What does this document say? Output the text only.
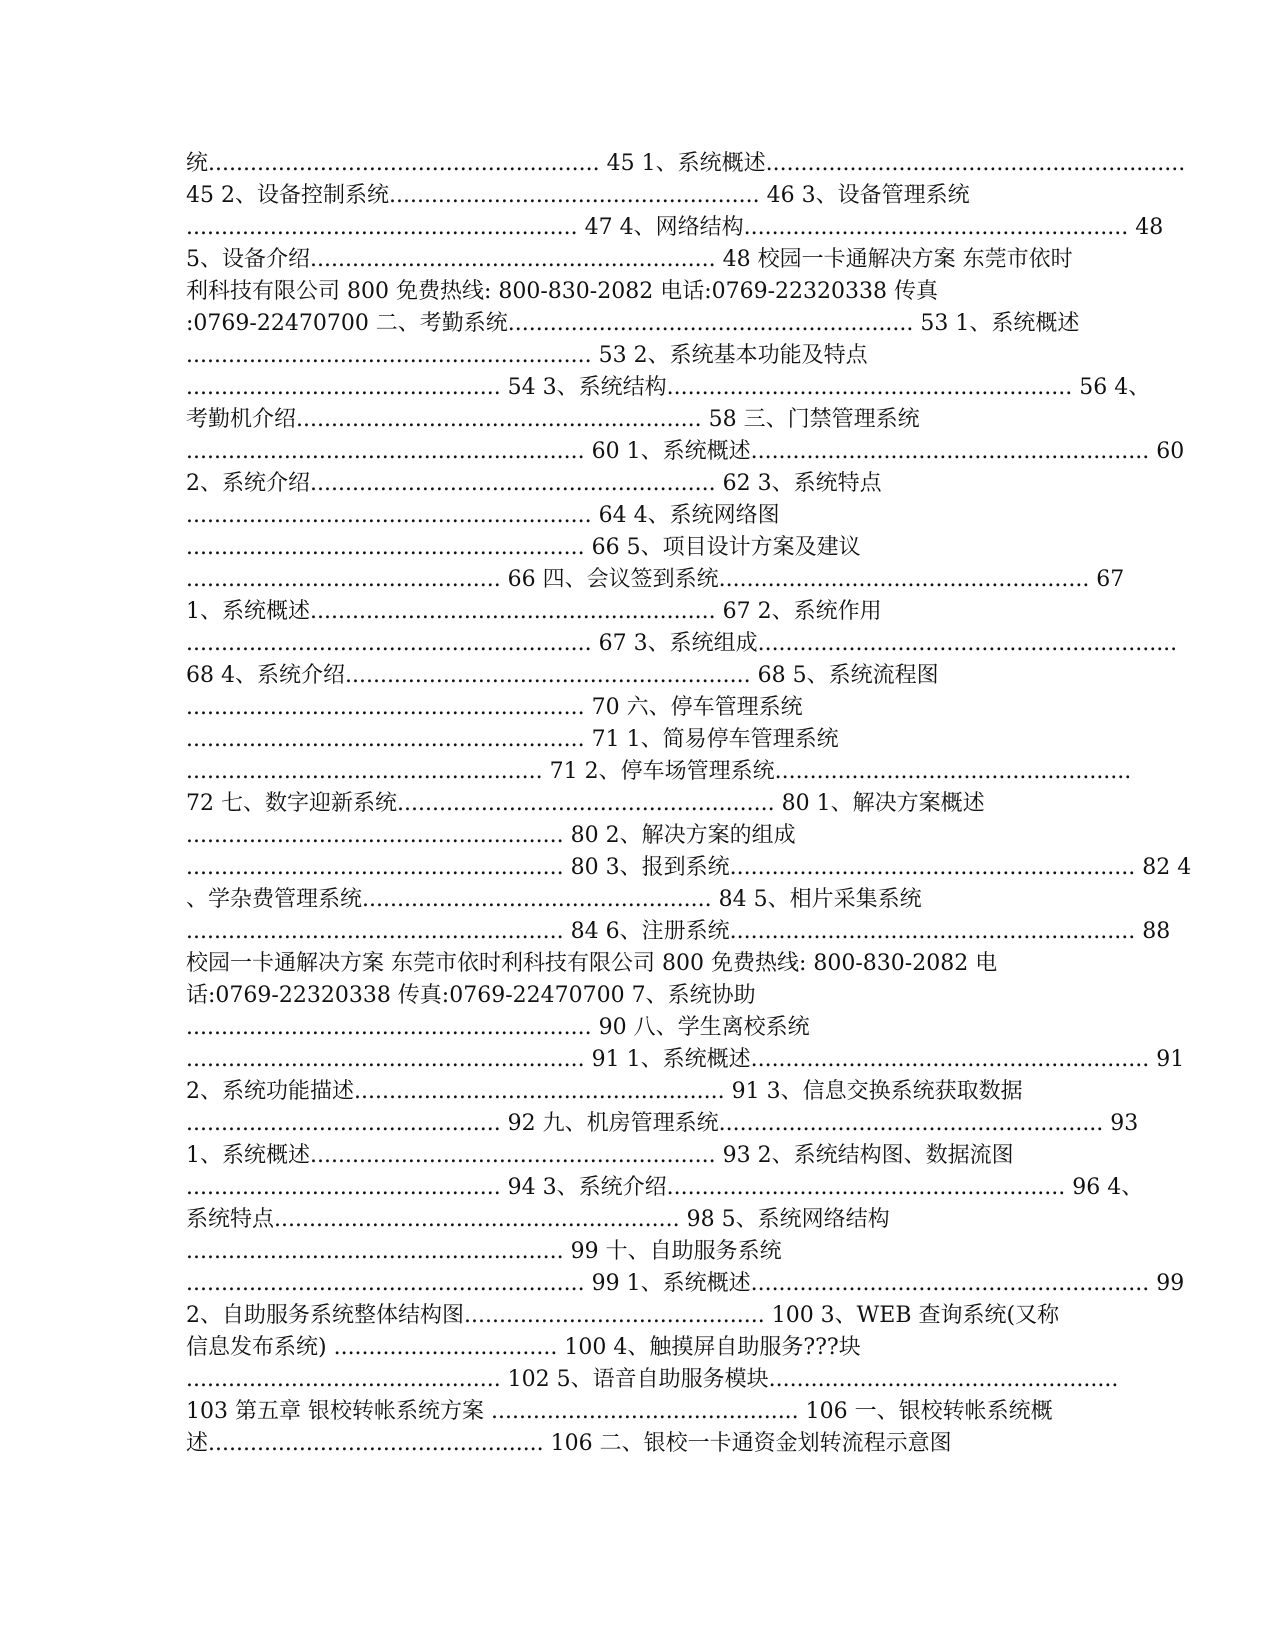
统........................................................ 45 1、系统概述............................................................
45 2、设备控制系统..................................................... 46 3、设备管理系统
........................................................ 47 4、网络结构....................................................... 48
5、设备介绍.......................................................... 48 校园一卡通解决方案 东莞市依时
利科技有限公司 800 免费热线: 800-830-2082 电话:0769-22320338 传真
:0769-22470700 二、考勤系统.......................................................... 53 1、系统概述
.......................................................... 53 2、系统基本功能及特点
............................................. 54 3、系统结构.......................................................... 56 4、
考勤机介绍.......................................................... 58 三、门禁管理系统
......................................................... 60 1、系统概述......................................................... 60
2、系统介绍.......................................................... 62 3、系统特点
.......................................................... 64 4、系统网络图
......................................................... 66 5、项目设计方案及建议
............................................. 66 四、会议签到系统..................................................... 67
1、系统概述.......................................................... 67 2、系统作用
.......................................................... 67 3、系统组成............................................................
68 4、系统介绍.......................................................... 68 5、系统流程图
......................................................... 70 六、停车管理系统
......................................................... 71 1、简易停车管理系统
................................................... 71 2、停车场管理系统...................................................
72 七、数字迎新系统...................................................... 80 1、解决方案概述
...................................................... 80 2、解决方案的组成
...................................................... 80 3、报到系统.......................................................... 82 4
、学杂费管理系统.................................................. 84 5、相片采集系统
...................................................... 84 6、注册系统.......................................................... 88
校园一卡通解决方案 东莞市依时利科技有限公司 800 免费热线: 800-830-2082 电
话:0769-22320338 传真:0769-22470700 7、系统协助
.......................................................... 90 八、学生离校系统
......................................................... 91 1、系统概述......................................................... 91
2、系统功能描述..................................................... 91 3、信息交换系统获取数据
............................................. 92 九、机房管理系统....................................................... 93
1、系统概述.......................................................... 93 2、系统结构图、数据流图
............................................. 94 3、系统介绍......................................................... 96 4、
系统特点.......................................................... 98 5、系统网络结构
...................................................... 99 十、自助服务系统
......................................................... 99 1、系统概述......................................................... 99
2、自助服务系统整体结构图........................................... 100 3、WEB 查询系统(又称
信息发布系统) ................................ 100 4、触摸屏自助服务???块
............................................. 102 5、语音自助服务模块..................................................
103 第五章 银校转帐系统方案 ............................................ 106 一、银校转帐系统概
述................................................ 106 二、银校一卡通资金划转流程示意图
